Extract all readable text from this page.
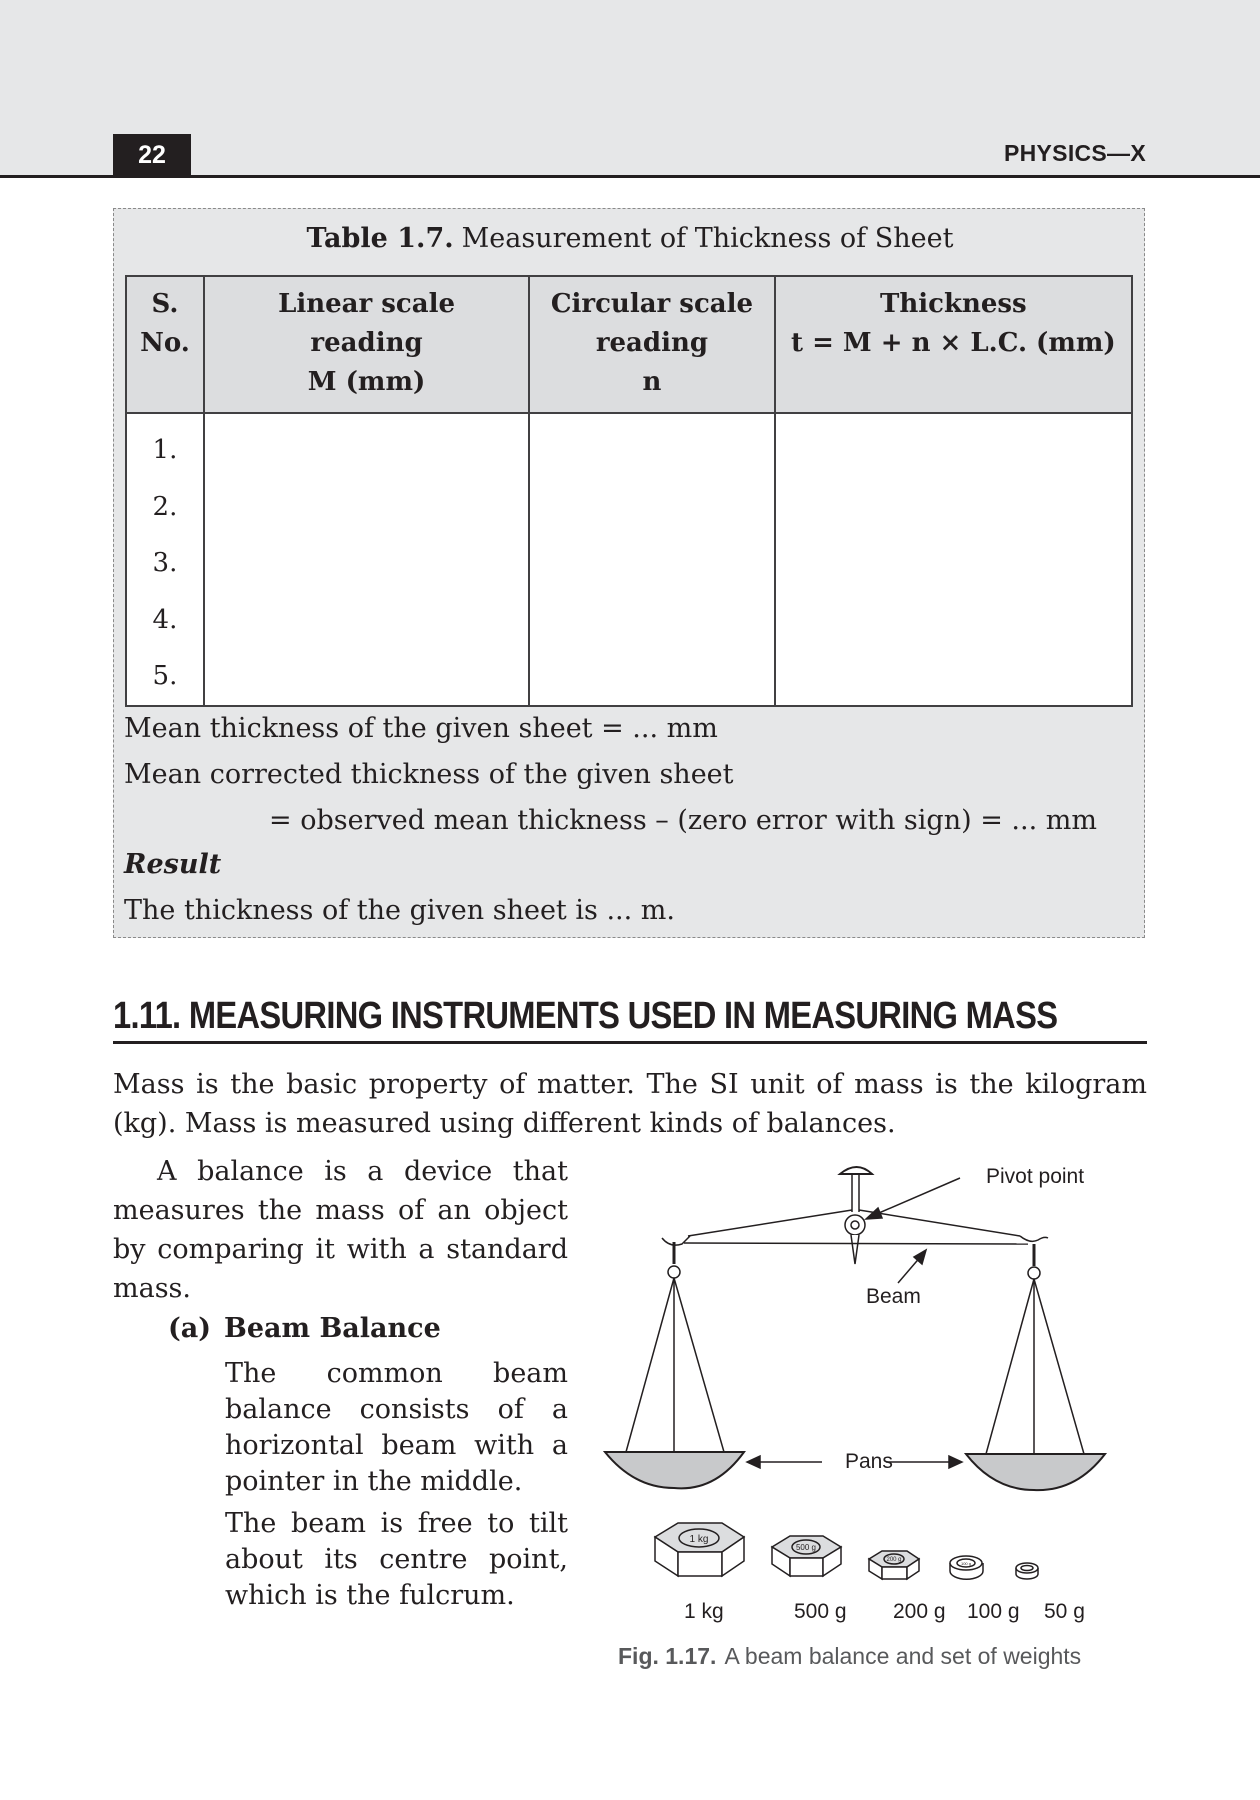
22	PHYSICS—X
Table 1.7. Measurement of Thickness of Sheet
S.
No.	Linear scale
reading
M (mm)	Circular scale
reading
n	Thickness
t = M + n × L.C. (mm)
1.			
2.			
3.			
4.			
5.			
Mean thickness of the given sheet = ... mm
Mean corrected thickness of the given sheet
= observed mean thickness – (zero error with sign) = ... mm
Result
The thickness of the given sheet is ... m.
1.11. MEASURING INSTRUMENTS USED IN MEASURING MASS
Mass is the basic property of matter. The SI unit of mass is the kilogram (kg). Mass is measured using different kinds of balances.
A balance is a device that measures the mass of an object by comparing it with a standard mass.
(a) Beam Balance
The common beam balance consists of a horizontal beam with a pointer in the middle.
The beam is free to tilt about its centre point, which is the fulcrum.
1 kg
500 g
200 g
100 g
Pivot point
Beam
Pans
1 kg	500 g 200 g 100 g 50 g
Fig. 1.17. A beam balance and set of weights
